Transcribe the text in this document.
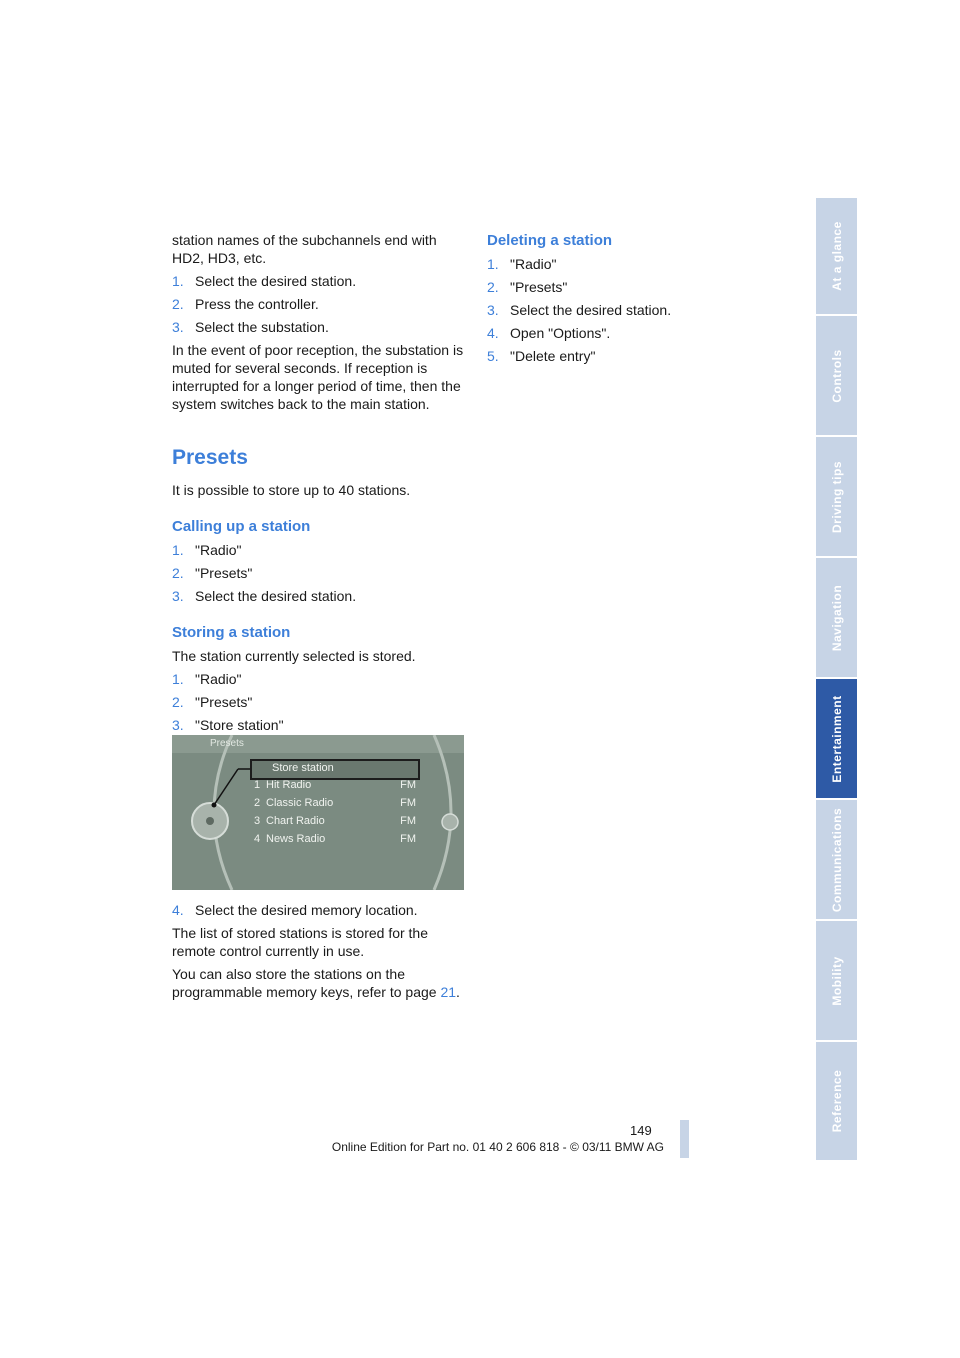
station names of the subchannels end with HD2, HD3, etc.

1. Select the desired station.
2. Press the controller.
3. Select the substation.

In the event of poor reception, the substation is muted for several seconds. If reception is interrupted for a longer period of time, then the system switches back to the main station.

Presets

It is possible to store up to 40 stations.

Calling up a station
1. "Radio"
2. "Presets"
3. Select the desired station.
Storing a station

The station currently selected is stored.

1. "Radio"
2. "Presets"
3. "Store station"
Presets
Store station
1 Hit Radio	FM
2 Classic Radio	FM
3 Chart Radio	FM
4 News Radio	FM
4. Select the desired memory location.

The list of stored stations is stored for the remote control currently in use.

You can also store the stations on the programmable memory keys, refer to page 21.

Deleting a station
1. "Radio"
2. "Presets"
3. Select the desired station.
4. Open "Options".
5. "Delete entry"
At a glance
Controls
Driving tips
Navigation
Entertainment
Communications
Mobility
Reference
149
Online Edition for Part no. 01 40 2 606 818 - © 03/11 BMW AG
